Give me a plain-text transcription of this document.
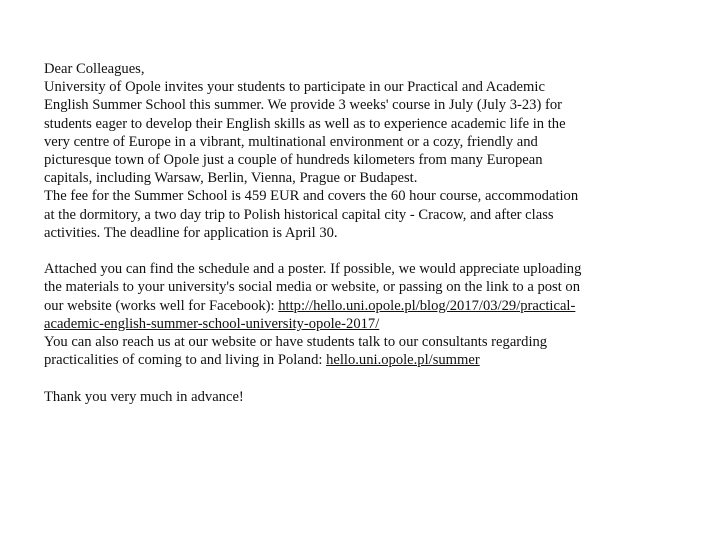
Dear Colleagues,
University of Opole invites your students to participate in our Practical and Academic
English Summer School this summer. We provide 3 weeks' course in July (July 3-23) for
students eager to develop their English skills as well as to experience academic life in the
very centre of Europe in a vibrant, multinational environment or a cozy, friendly and
picturesque town of Opole just a couple of hundreds kilometers from many European
capitals, including Warsaw, Berlin, Vienna, Prague or Budapest.
The fee for the Summer School is 459 EUR and covers the 60 hour course, accommodation
at the dormitory, a two day trip to Polish historical capital city - Cracow, and after class
activities. The deadline for application is April 30.
Attached you can find the schedule and a poster. If possible, we would appreciate uploading
the materials to your university's social media or website, or passing on the link to a post on
our website (works well for Facebook): http://hello.uni.opole.pl/blog/2017/03/29/practical-
academic-english-summer-school-university-opole-2017/
You can also reach us at our website or have students talk to our consultants regarding
practicalities of coming to and living in Poland: hello.uni.opole.pl/summer
Thank you very much in advance!
